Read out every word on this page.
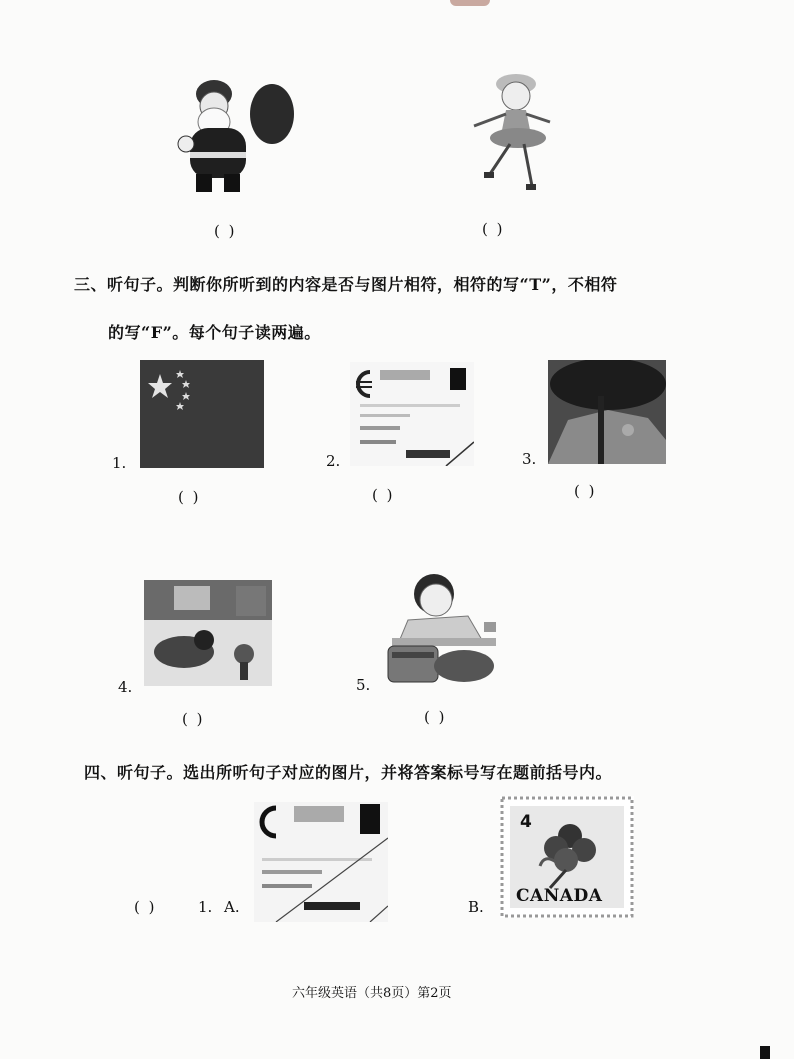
( )	( )
三、听句子。判断你所听到的内容是否与图片相符，相符的写“T”，不相符
的写“F”。每个句子读两遍。
1.
( )
2.
( )
3.
( )
4.
( )
5.
( )
四、听句子。选出所听句子对应的图片，并将答案标号写在题前括号内。
( )	1. A.	B.
4
CANADA
六年级英语（共8页）第2页
